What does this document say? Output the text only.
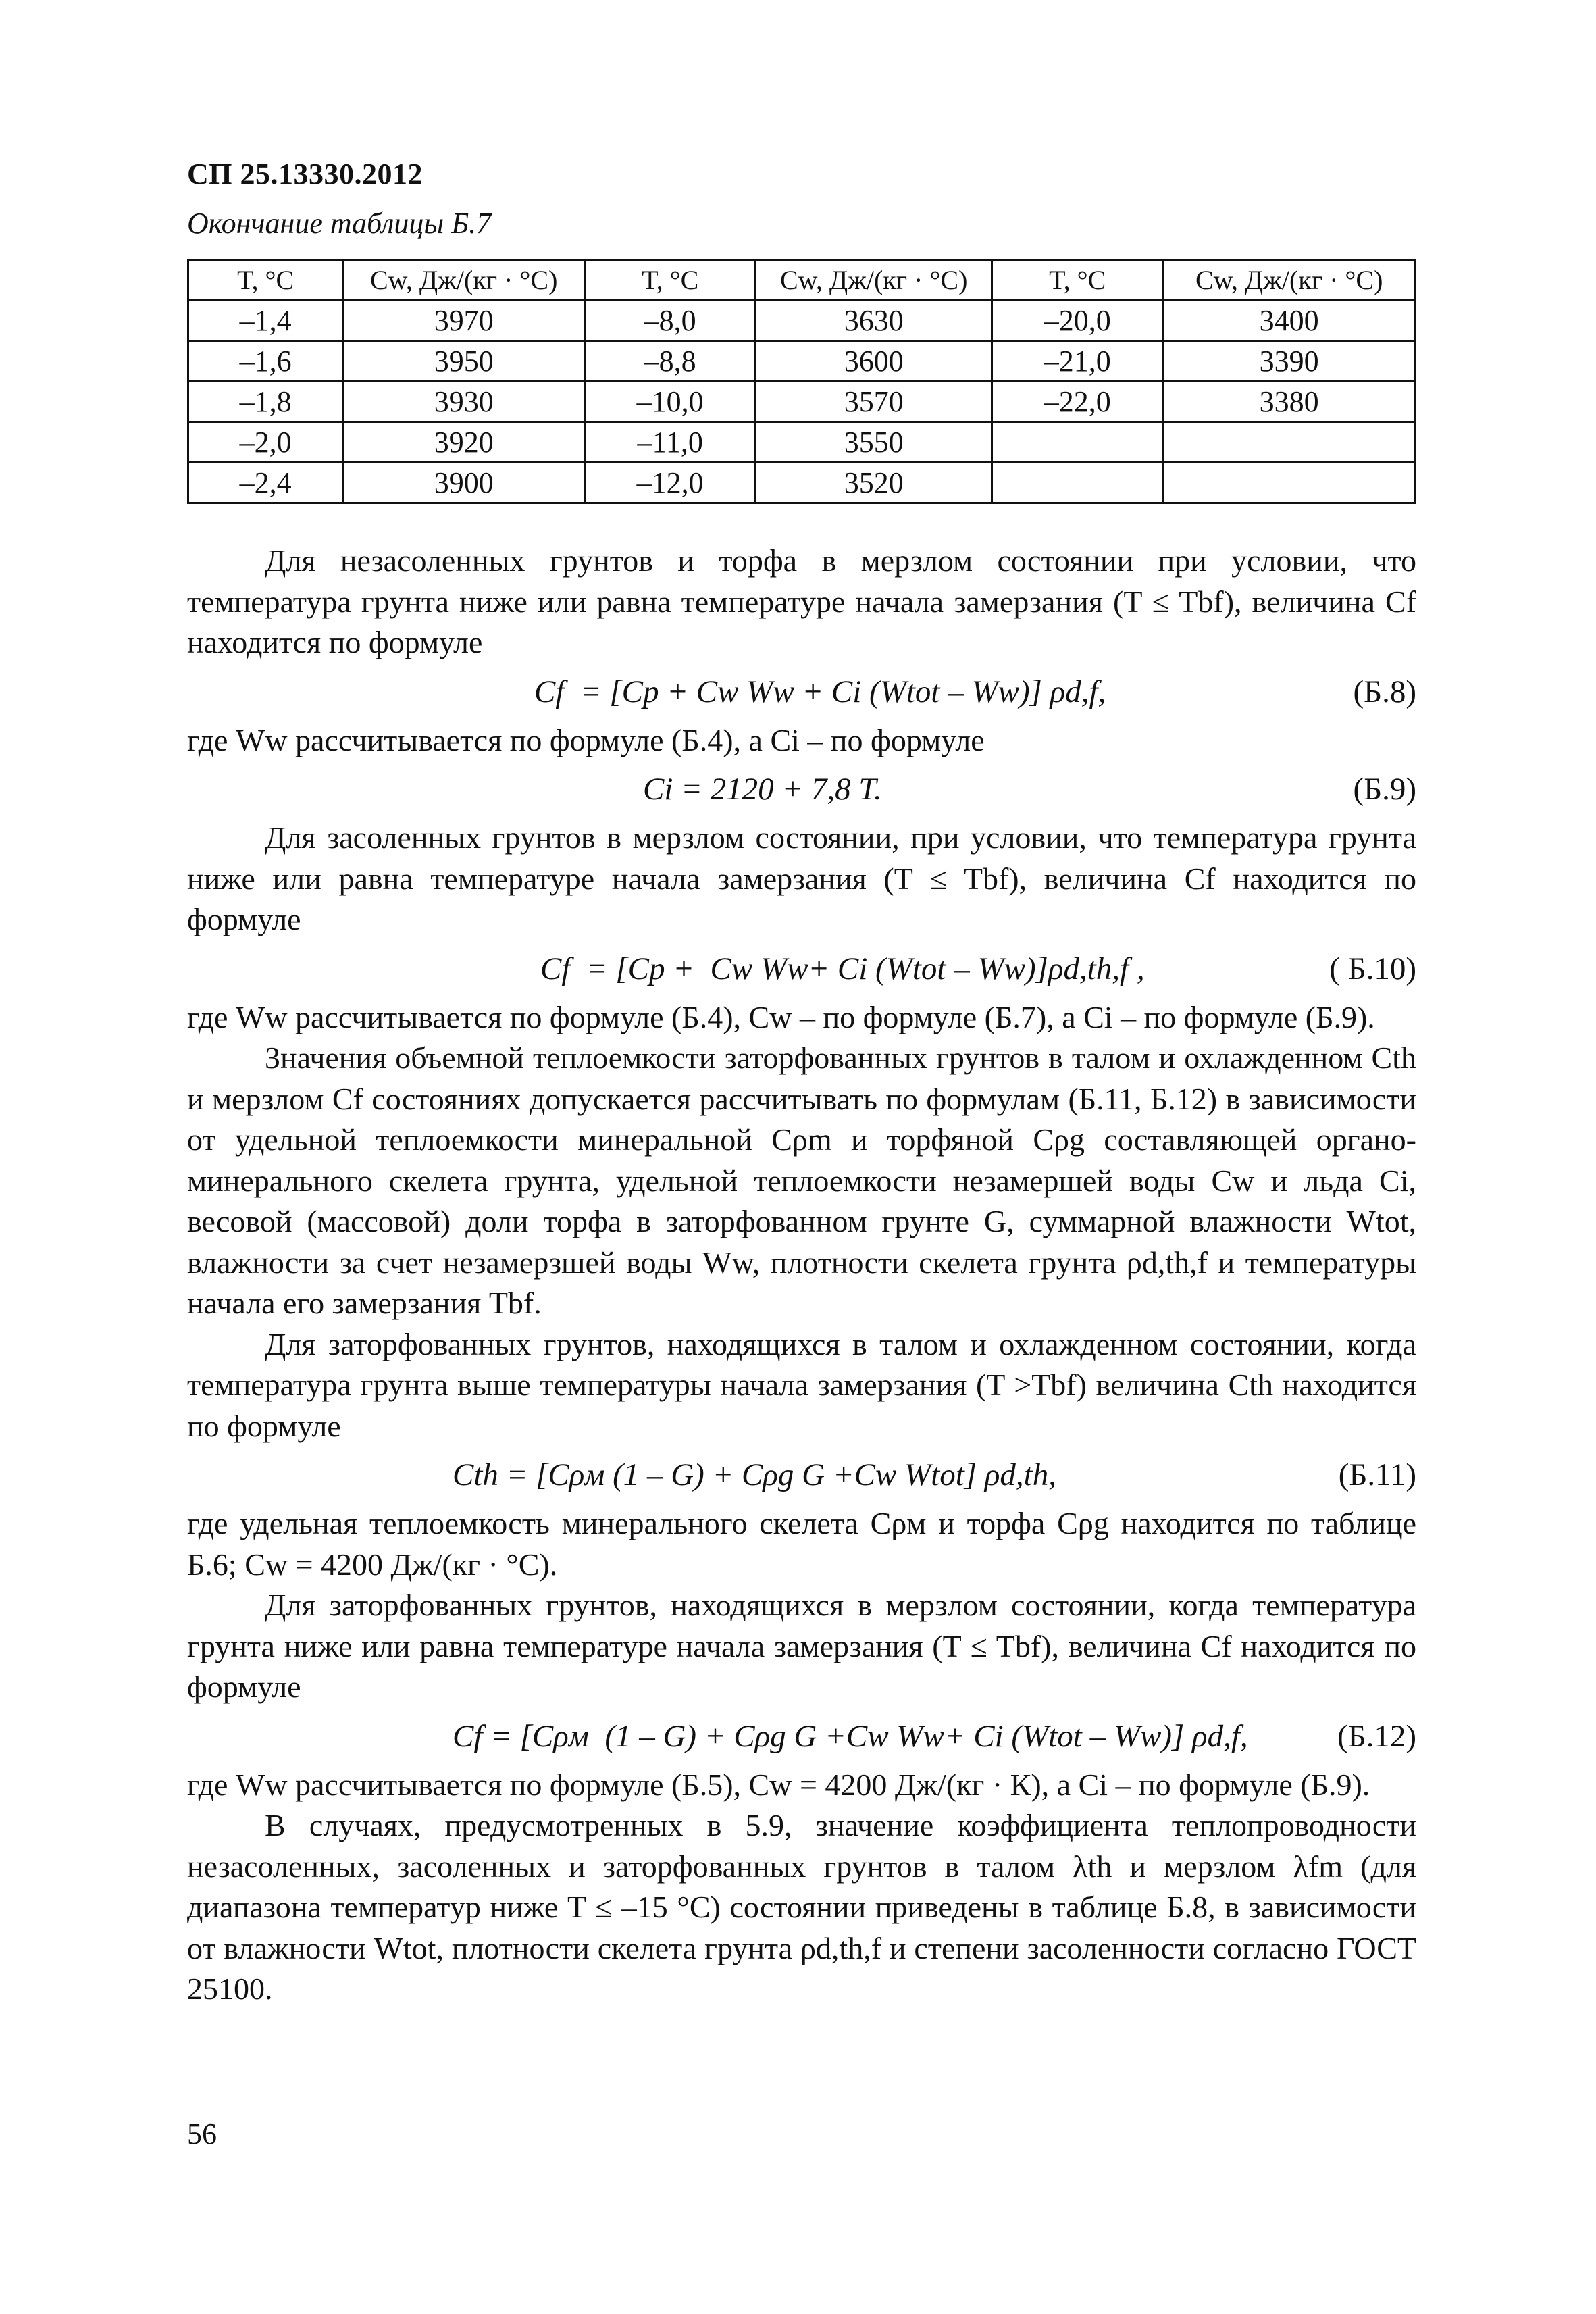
СП 25.13330.2012
Окончание таблицы Б.7
T, °C	Cw, Дж/(кг · °C)	T, °C	Cw, Дж/(кг · °C)	T, °C	Cw, Дж/(кг · °C)
–1,4	3970	–8,0	3630	–20,0	3400
–1,6	3950	–8,8	3600	–21,0	3390
–1,8	3930	–10,0	3570	–22,0	3380
–2,0	3920	–11,0	3550		
–2,4	3900	–12,0	3520		

Для незасоленных грунтов и торфа в мерзлом состоянии при условии, что температура грунта ниже или равна температуре начала замерзания (T ≤ Tbf), величина Cf находится по формуле

Cf  = [Cp + Cw Ww + Ci (Wtot – Ww)] ρd,f,	(Б.8)

где Ww рассчитывается по формуле (Б.4), а Ci – по формуле

Ci = 2120 + 7,8 T.	(Б.9)

Для засоленных грунтов в мерзлом состоянии, при условии, что температура грунта ниже или равна температуре начала замерзания (T ≤ Tbf), величина Cf находится по формуле

Cf  = [Cp +  Cw Ww+ Ci (Wtot – Ww)]ρd,th,f ,	( Б.10)

где Ww рассчитывается по формуле (Б.4), Cw – по формуле (Б.7), а Ci – по формуле (Б.9).

Значения объемной теплоемкости заторфованных грунтов в талом и охлажденном Cth и мерзлом Cf состояниях допускается рассчитывать по формулам (Б.11, Б.12) в зависимости от удельной теплоемкости минеральной Cρm и торфяной Cρg составляющей органо-минерального скелета грунта, удельной теплоемкости незамершей воды Cw и льда Ci, весовой (массовой) доли торфа в заторфованном грунте G, суммарной влажности Wtot, влажности за счет незамерзшей воды Ww, плотности скелета грунта ρd,th,f и температуры начала его замерзания Tbf.

Для заторфованных грунтов, находящихся в талом и охлажденном состоянии, когда температура грунта выше температуры начала замерзания (T >Tbf) величина Cth находится по формуле

Cth = [Cρм (1 – G) + Cρg G +Cw Wtot] ρd,th,	(Б.11)

где удельная теплоемкость минерального скелета Cρм и торфа Cρg находится по таблице Б.6; Cw = 4200 Дж/(кг · °C).

Для заторфованных грунтов, находящихся в мерзлом состоянии, когда температура грунта ниже или равна температуре начала замерзания (T ≤ Tbf), величина Cf находится по формуле

Cf = [Cρм  (1 – G) + Cρg G +Cw Ww+ Ci (Wtot – Ww)] ρd,f,	(Б.12)

где Ww рассчитывается по формуле (Б.5), Cw = 4200 Дж/(кг · К), а Ci – по формуле (Б.9).

В случаях, предусмотренных в 5.9, значение коэффициента теплопроводности незасоленных, засоленных и заторфованных грунтов в талом λth и мерзлом λfm (для диапазона температур ниже T ≤ –15 °C) состоянии приведены в таблице Б.8, в зависимости от влажности Wtot, плотности скелета грунта ρd,th,f и степени засоленности согласно ГОСТ 25100.

56
